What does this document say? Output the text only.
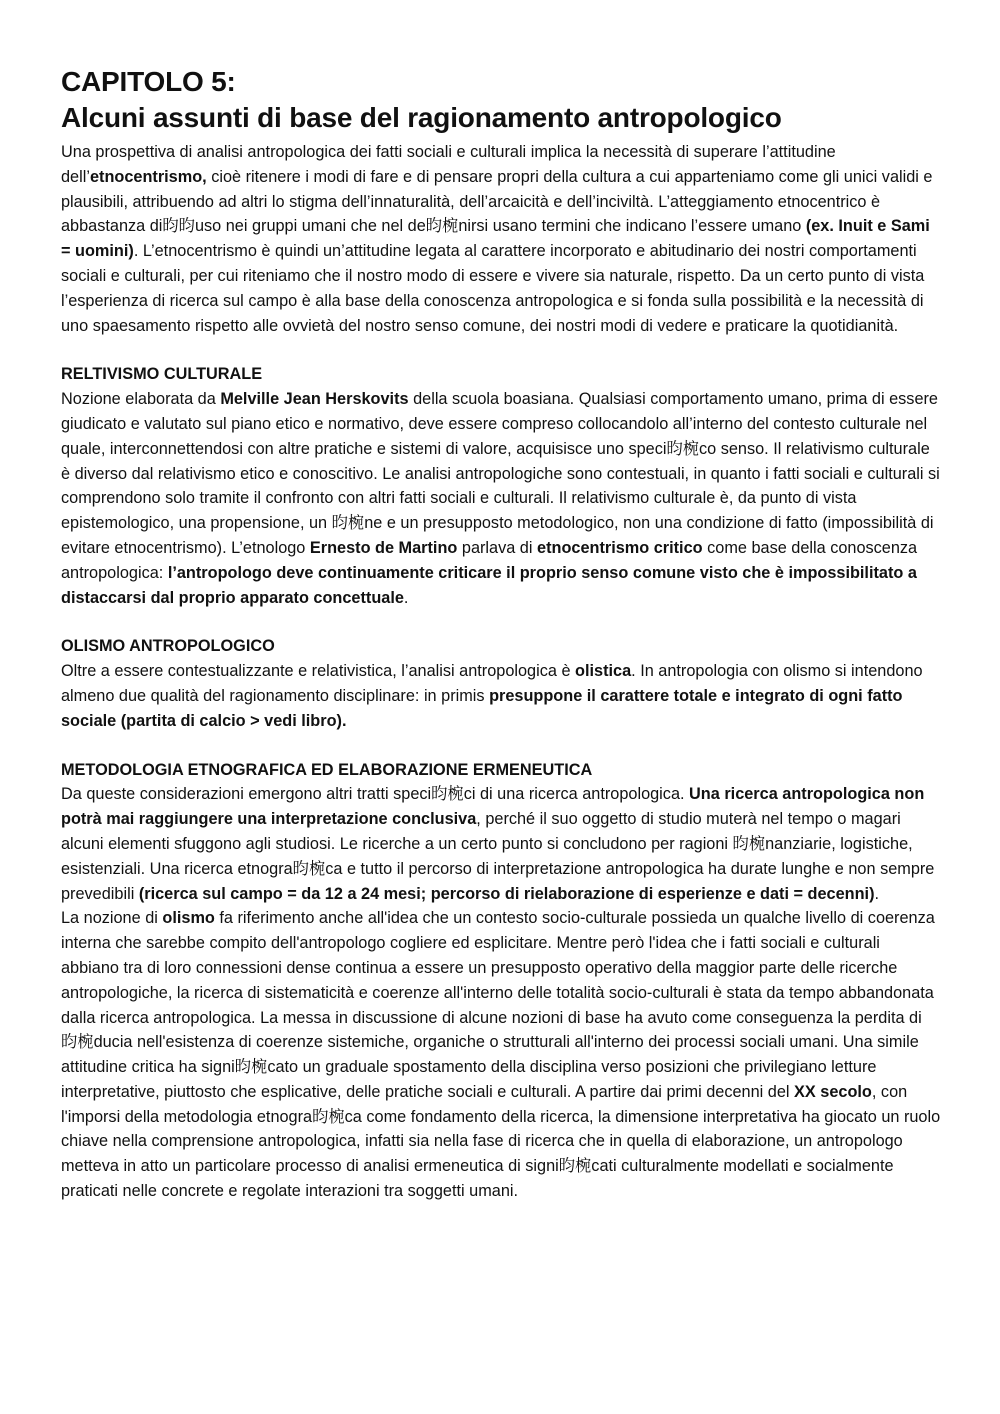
CAPITOLO 5:
Alcuni assunti di base del ragionamento antropologico

Una prospettiva di analisi antropologica dei fatti sociali e culturali implica la necessità di superare l’attitudine dell’etnocentrismo, cioè ritenere i modi di fare e di pensare propri della cultura a cui apparteniamo come gli unici validi e plausibili, attribuendo ad altri lo stigma dell’innaturalità, dell’arcaicità e dell’inciviltà. L’atteggiamento etnocentrico è abbastanza di昀昀uso nei gruppi umani che nel de昀椀nirsi usano termini che indicano l’essere umano (ex. Inuit e Sami = uomini). L’etnocentrismo è quindi un’attitudine legata al carattere incorporato e abitudinario dei nostri comportamenti sociali e culturali, per cui riteniamo che il nostro modo di essere e vivere sia naturale, rispetto. Da un certo punto di vista l’esperienza di ricerca sul campo è alla base della conoscenza antropologica e si fonda sulla possibilità e la necessità di uno spaesamento rispetto alle ovvietà del nostro senso comune, dei nostri modi di vedere e praticare la quotidianità.

RELTIVISMO CULTURALE

Nozione elaborata da Melville Jean Herskovits della scuola boasiana. Qualsiasi comportamento umano, prima di essere giudicato e valutato sul piano etico e normativo, deve essere compreso collocandolo all’interno del contesto culturale nel quale, interconnettendosi con altre pratiche e sistemi di valore, acquisisce uno speci昀椀co senso. Il relativismo culturale è diverso dal relativismo etico e conoscitivo. Le analisi antropologiche sono contestuali, in quanto i fatti sociali e culturali si comprendono solo tramite il confronto con altri fatti sociali e culturali. Il relativismo culturale è, da punto di vista epistemologico, una propensione, un 昀椀ne e un presupposto metodologico, non una condizione di fatto (impossibilità di evitare etnocentrismo). L’etnologo Ernesto de Martino parlava di etnocentrismo critico come base della conoscenza antropologica: l’antropologo deve continuamente criticare il proprio senso comune visto che è impossibilitato a distaccarsi dal proprio apparato concettuale.

OLISMO ANTROPOLOGICO

Oltre a essere contestualizzante e relativistica, l’analisi antropologica è olistica. In antropologia con olismo si intendono almeno due qualità del ragionamento disciplinare: in primis presuppone il carattere totale e integrato di ogni fatto sociale (partita di calcio > vedi libro).

METODOLOGIA ETNOGRAFICA ED ELABORAZIONE ERMENEUTICA

Da queste considerazioni emergono altri tratti speci昀椀ci di una ricerca antropologica. Una ricerca antropologica non potrà mai raggiungere una interpretazione conclusiva, perché il suo oggetto di studio muterà nel tempo o magari alcuni elementi sfuggono agli studiosi. Le ricerche a un certo punto si concludono per ragioni 昀椀nanziarie, logistiche, esistenziali. Una ricerca etnogra昀椀ca e tutto il percorso di interpretazione antropologica ha durate lunghe e non sempre prevedibili (ricerca sul campo = da 12 a 24 mesi; percorso di rielaborazione di esperienze e dati = decenni).

La nozione di olismo fa riferimento anche all'idea che un contesto socio-culturale possieda un qualche livello di coerenza interna che sarebbe compito dell'antropologo cogliere ed esplicitare. Mentre però l'idea che i fatti sociali e culturali abbiano tra di loro connessioni dense continua a essere un presupposto operativo della maggior parte delle ricerche antropologiche, la ricerca di sistematicità e coerenze all'interno delle totalità socio-culturali è stata da tempo abbandonata dalla ricerca antropologica. La messa in discussione di alcune nozioni di base ha avuto come conseguenza la perdita di 昀椀ducia nell'esistenza di coerenze sistemiche, organiche o strutturali all'interno dei processi sociali umani. Una simile attitudine critica ha signi昀椀cato un graduale spostamento della disciplina verso posizioni che privilegiano letture interpretative, piuttosto che esplicative, delle pratiche sociali e culturali. A partire dai primi decenni del XX secolo, con l'imporsi della metodologia etnogra昀椀ca come fondamento della ricerca, la dimensione interpretativa ha giocato un ruolo chiave nella comprensione antropologica, infatti sia nella fase di ricerca che in quella di elaborazione, un antropologo metteva in atto un particolare processo di analisi ermeneutica di signi昀椀cati culturalmente modellati e socialmente praticati nelle concrete e regolate interazioni tra soggetti umani.
